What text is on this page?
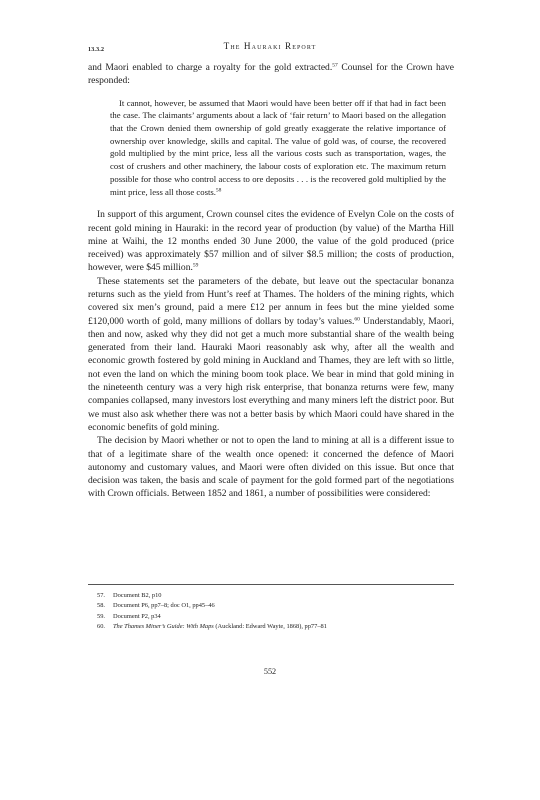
13.3.2	The Hauraki Report

and Maori enabled to charge a royalty for the gold extracted.$^{57}$ Counsel for the Crown have responded:

It cannot, however, be assumed that Maori would have been better off if that had in fact been the case. The claimants’ arguments about a lack of ‘fair return’ to Maori based on the allegation that the Crown denied them ownership of gold greatly exaggerate the relative importance of ownership over knowledge, skills and capital. The value of gold was, of course, the recovered gold multiplied by the mint price, less all the various costs such as transportation, wages, the cost of crushers and other machinery, the labour costs of exploration etc. The maximum return possible for those who control access to ore deposits . . . is the recovered gold multiplied by the mint price, less all those costs.$^{58}$

In support of this argument, Crown counsel cites the evidence of Evelyn Cole on the costs of recent gold mining in Hauraki: in the record year of production (by value) of the Martha Hill mine at Waihi, the 12 months ended 30 June 2000, the value of the gold produced (price received) was approximately $57 million and of silver $8.5 million; the costs of production, however, were $45 million.$^{59}$

These statements set the parameters of the debate, but leave out the spectacular bonanza returns such as the yield from Hunt’s reef at Thames. The holders of the mining rights, which covered six men’s ground, paid a mere £12 per annum in fees but the mine yielded some £120,000 worth of gold, many millions of dollars by today’s values.$^{60}$ Understandably, Maori, then and now, asked why they did not get a much more substantial share of the wealth being generated from their land. Hauraki Maori reasonably ask why, after all the wealth and economic growth fostered by gold mining in Auckland and Thames, they are left with so little, not even the land on which the mining boom took place. We bear in mind that gold mining in the nineteenth century was a very high risk enterprise, that bonanza returns were few, many companies collapsed, many investors lost everything and many miners left the district poor. But we must also ask whether there was not a better basis by which Maori could have shared in the economic benefits of gold mining.

The decision by Maori whether or not to open the land to mining at all is a different issue to that of a legitimate share of the wealth once opened: it concerned the defence of Maori autonomy and customary values, and Maori were often divided on this issue. But once that decision was taken, the basis and scale of payment for the gold formed part of the negotiations with Crown officials. Between 1852 and 1861, a number of possibilities were considered:

57. Document B2, p10
58. Document P6, pp7–8; doc O1, pp45–46
59. Document P2, p34
60. The Thames Miner’s Guide: With Maps (Auckland: Edward Wayte, 1868), pp77–81
552
